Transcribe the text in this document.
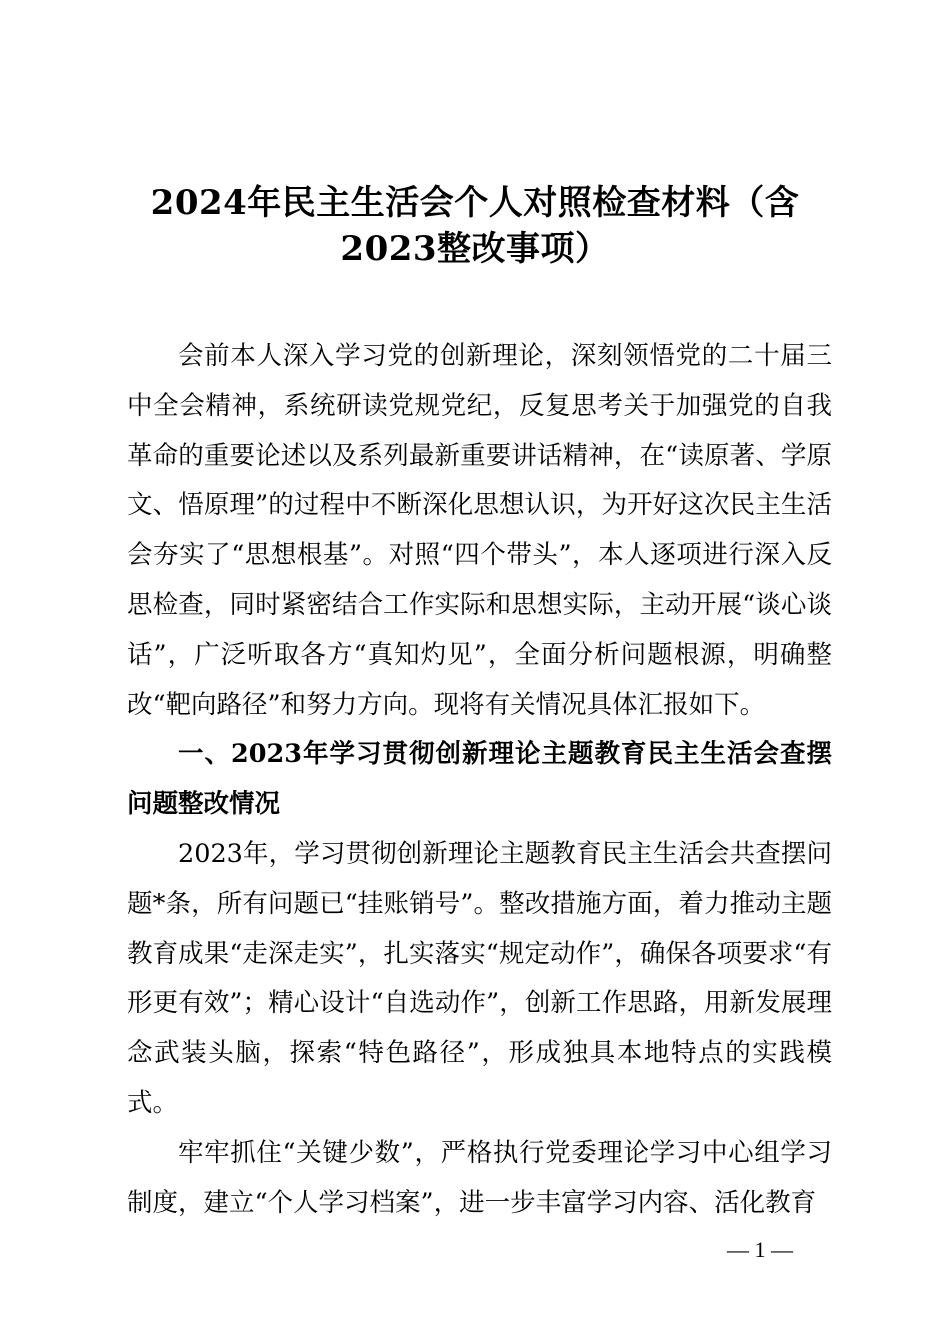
2024年民主生活会个人对照检查材料（含
2023整改事项）

会前本人深入学习党的创新理论，深刻领悟党的二十届三中全会精神，系统研读党规党纪，反复思考关于加强党的自我革命的重要论述以及系列最新重要讲话精神，在“读原著、学原文、悟原理”的过程中不断深化思想认识，为开好这次民主生活会夯实了“思想根基”。对照“四个带头”，本人逐项进行深入反思检查，同时紧密结合工作实际和思想实际，主动开展“谈心谈话”，广泛听取各方“真知灼见”，全面分析问题根源，明确整改“靶向路径”和努力方向。现将有关情况具体汇报如下。

一、2023年学习贯彻创新理论主题教育民主生活会查摆问题整改情况

2023年，学习贯彻创新理论主题教育民主生活会共查摆问题*条，所有问题已“挂账销号”。整改措施方面，着力推动主题教育成果“走深走实”，扎实落实“规定动作”，确保各项要求“有形更有效”；精心设计“自选动作”，创新工作思路，用新发展理念武装头脑，探索“特色路径”，形成独具本地特点的实践模式。

牢牢抓住“关键少数”，严格执行党委理论学习中心组学习制度，建立“个人学习档案”，进一步丰富学习内容、活化教育

— 1 —
